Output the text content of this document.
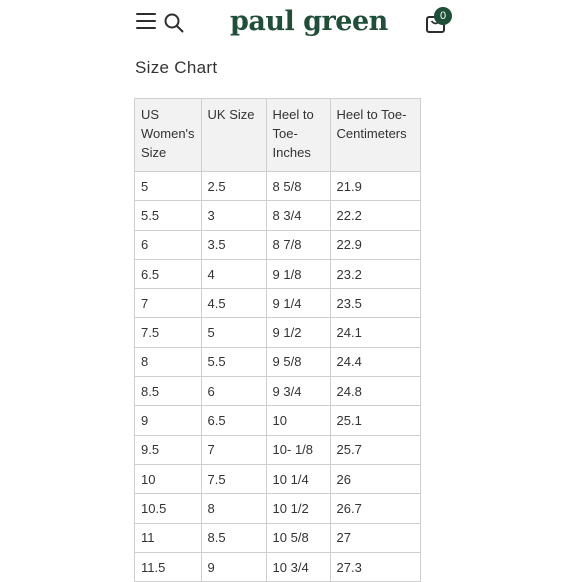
paul green	0
Size Chart
US Women's Size	UK Size	Heel to Toe-Inches	Heel to Toe-Centimeters
5	2.5	8 5/8	21.9
5.5	3	8 3/4	22.2
6	3.5	8 7/8	22.9
6.5	4	9 1/8	23.2
7	4.5	9 1/4	23.5
7.5	5	9 1/2	24.1
8	5.5	9 5/8	24.4
8.5	6	9 3/4	24.8
9	6.5	10	25.1
9.5	7	10- 1/8	25.7
10	7.5	10 1/4	26
10.5	8	10 1/2	26.7
11	8.5	10 5/8	27
11.5	9	10 3/4	27.3
